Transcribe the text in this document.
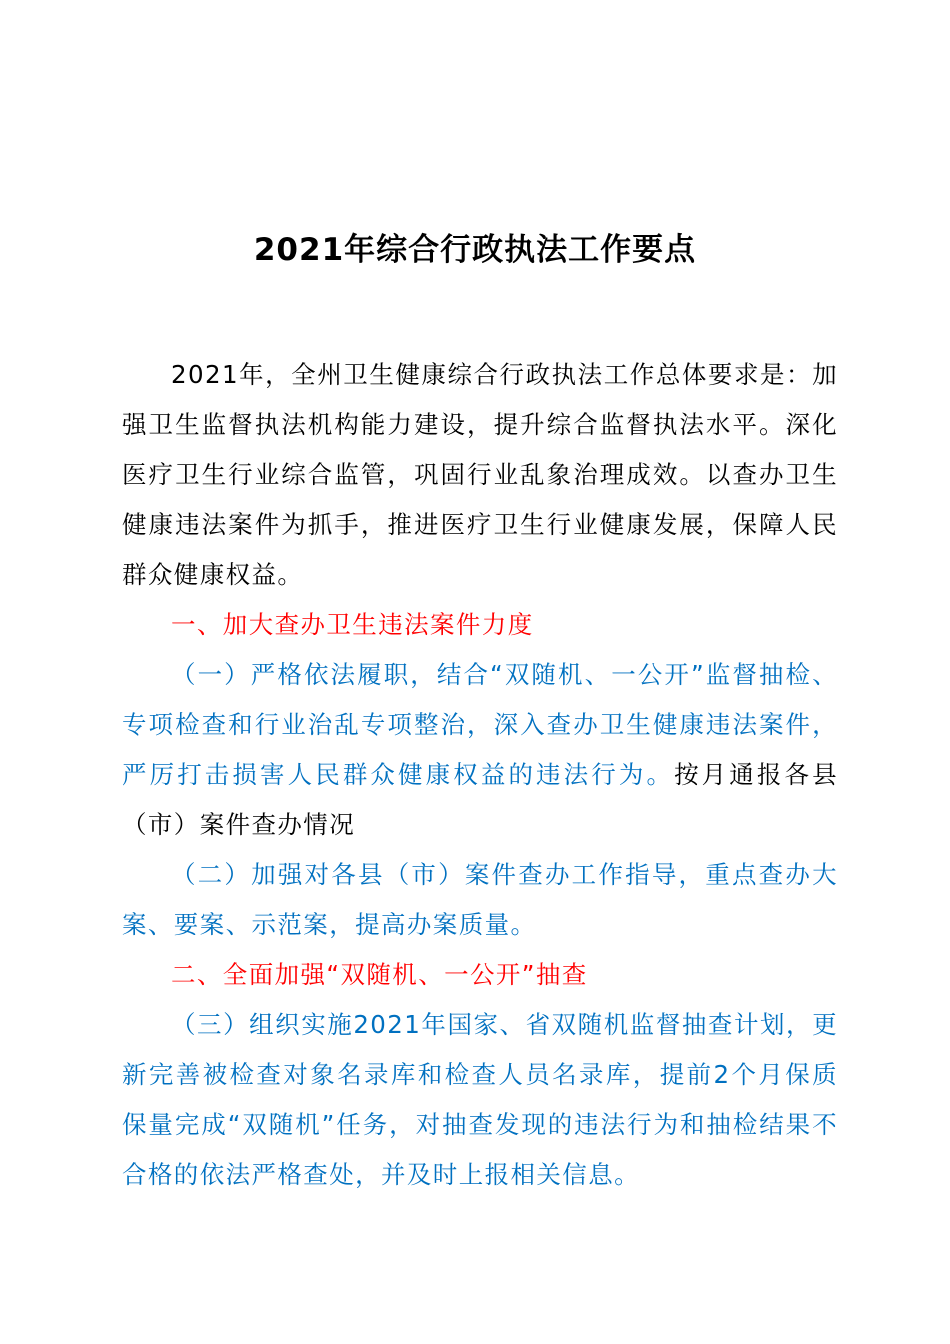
2021年综合行政执法工作要点

2021年，全州卫生健康综合行政执法工作总体要求是：加强卫生监督执法机构能力建设，提升综合监督执法水平。深化医疗卫生行业综合监管，巩固行业乱象治理成效。以查办卫生健康违法案件为抓手，推进医疗卫生行业健康发展，保障人民群众健康权益。

一、加大查办卫生违法案件力度

（一）严格依法履职，结合“双随机、一公开”监督抽检、专项检查和行业治乱专项整治，深入查办卫生健康违法案件，严厉打击损害人民群众健康权益的违法行为。按月通报各县（市）案件查办情况

（二）加强对各县（市）案件查办工作指导，重点查办大案、要案、示范案，提高办案质量。

二、全面加强“双随机、一公开”抽查

（三）组织实施2021年国家、省双随机监督抽查计划，更新完善被检查对象名录库和检查人员名录库，提前2个月保质保量完成“双随机”任务，对抽查发现的违法行为和抽检结果不合格的依法严格查处，并及时上报相关信息。
